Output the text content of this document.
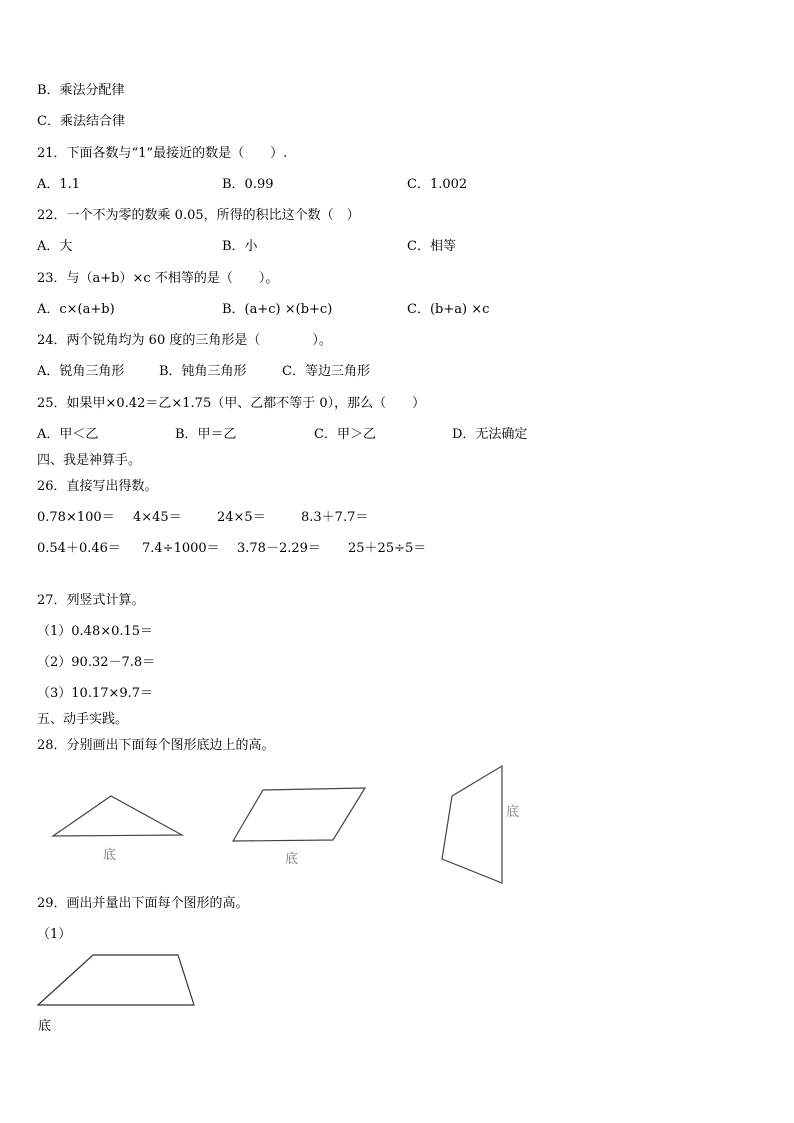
B．乘法分配律
C．乘法结合律
21．下面各数与“1”最接近的数是（　　）.
A．1.1	B．0.99	C．1.002
22．一个不为零的数乘 0.05，所得的积比这个数（　）
A．大	B．小	C．相等
23．与（a+b）×c 不相等的是（　　）。
A．c×(a+b)	B．(a+c) ×(b+c)	C．(b+a) ×c
24．两个锐角均为 60 度的三角形是（　　　　）。
A．锐角三角形	B．钝角三角形	C．等边三角形
25．如果甲×0.42＝乙×1.75（甲、乙都不等于 0），那么（　　）
A．甲＜乙	B．甲＝乙	C．甲＞乙	D．无法确定
四、我是神算手。
26．直接写出得数。
0.78×100＝ 4×45＝	24×5＝	8.3＋7.7＝
0.54＋0.46＝ 7.4÷1000＝ 3.78－2.29＝ 25＋25÷5＝
27．列竖式计算。
（1）0.48×0.15＝
（2）90.32－7.8＝
（3）10.17×9.7＝
五、动手实践。
28．分别画出下面每个图形底边上的高。
底	底
底
29．画出并量出下面每个图形的高。
（1）
底
